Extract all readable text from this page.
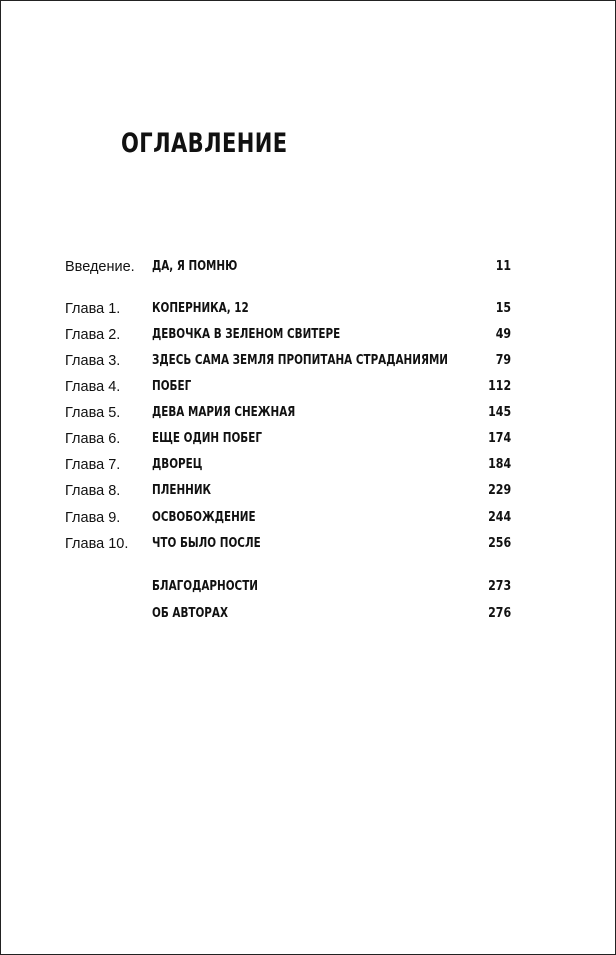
ОГЛАВЛЕНИЕ
Введение. ДА, Я ПОМНЮ	11
Глава 1. КОПЕРНИКА, 12	15
Глава 2. ДЕВОЧКА В ЗЕЛЕНОМ СВИТЕРЕ	49
Глава 3. ЗДЕСЬ САМА ЗЕМЛЯ ПРОПИТАНА СТРАДАНИЯМИ	79
Глава 4. ПОБЕГ	112
Глава 5. ДЕВА МАРИЯ СНЕЖНАЯ	145
Глава 6. ЕЩЕ ОДИН ПОБЕГ	174
Глава 7. ДВОРЕЦ	184
Глава 8. ПЛЕННИК	229
Глава 9. ОСВОБОЖДЕНИЕ	244
Глава 10. ЧТО БЫЛО ПОСЛЕ	256
БЛАГОДАРНОСТИ	273
ОБ АВТОРАХ	276
